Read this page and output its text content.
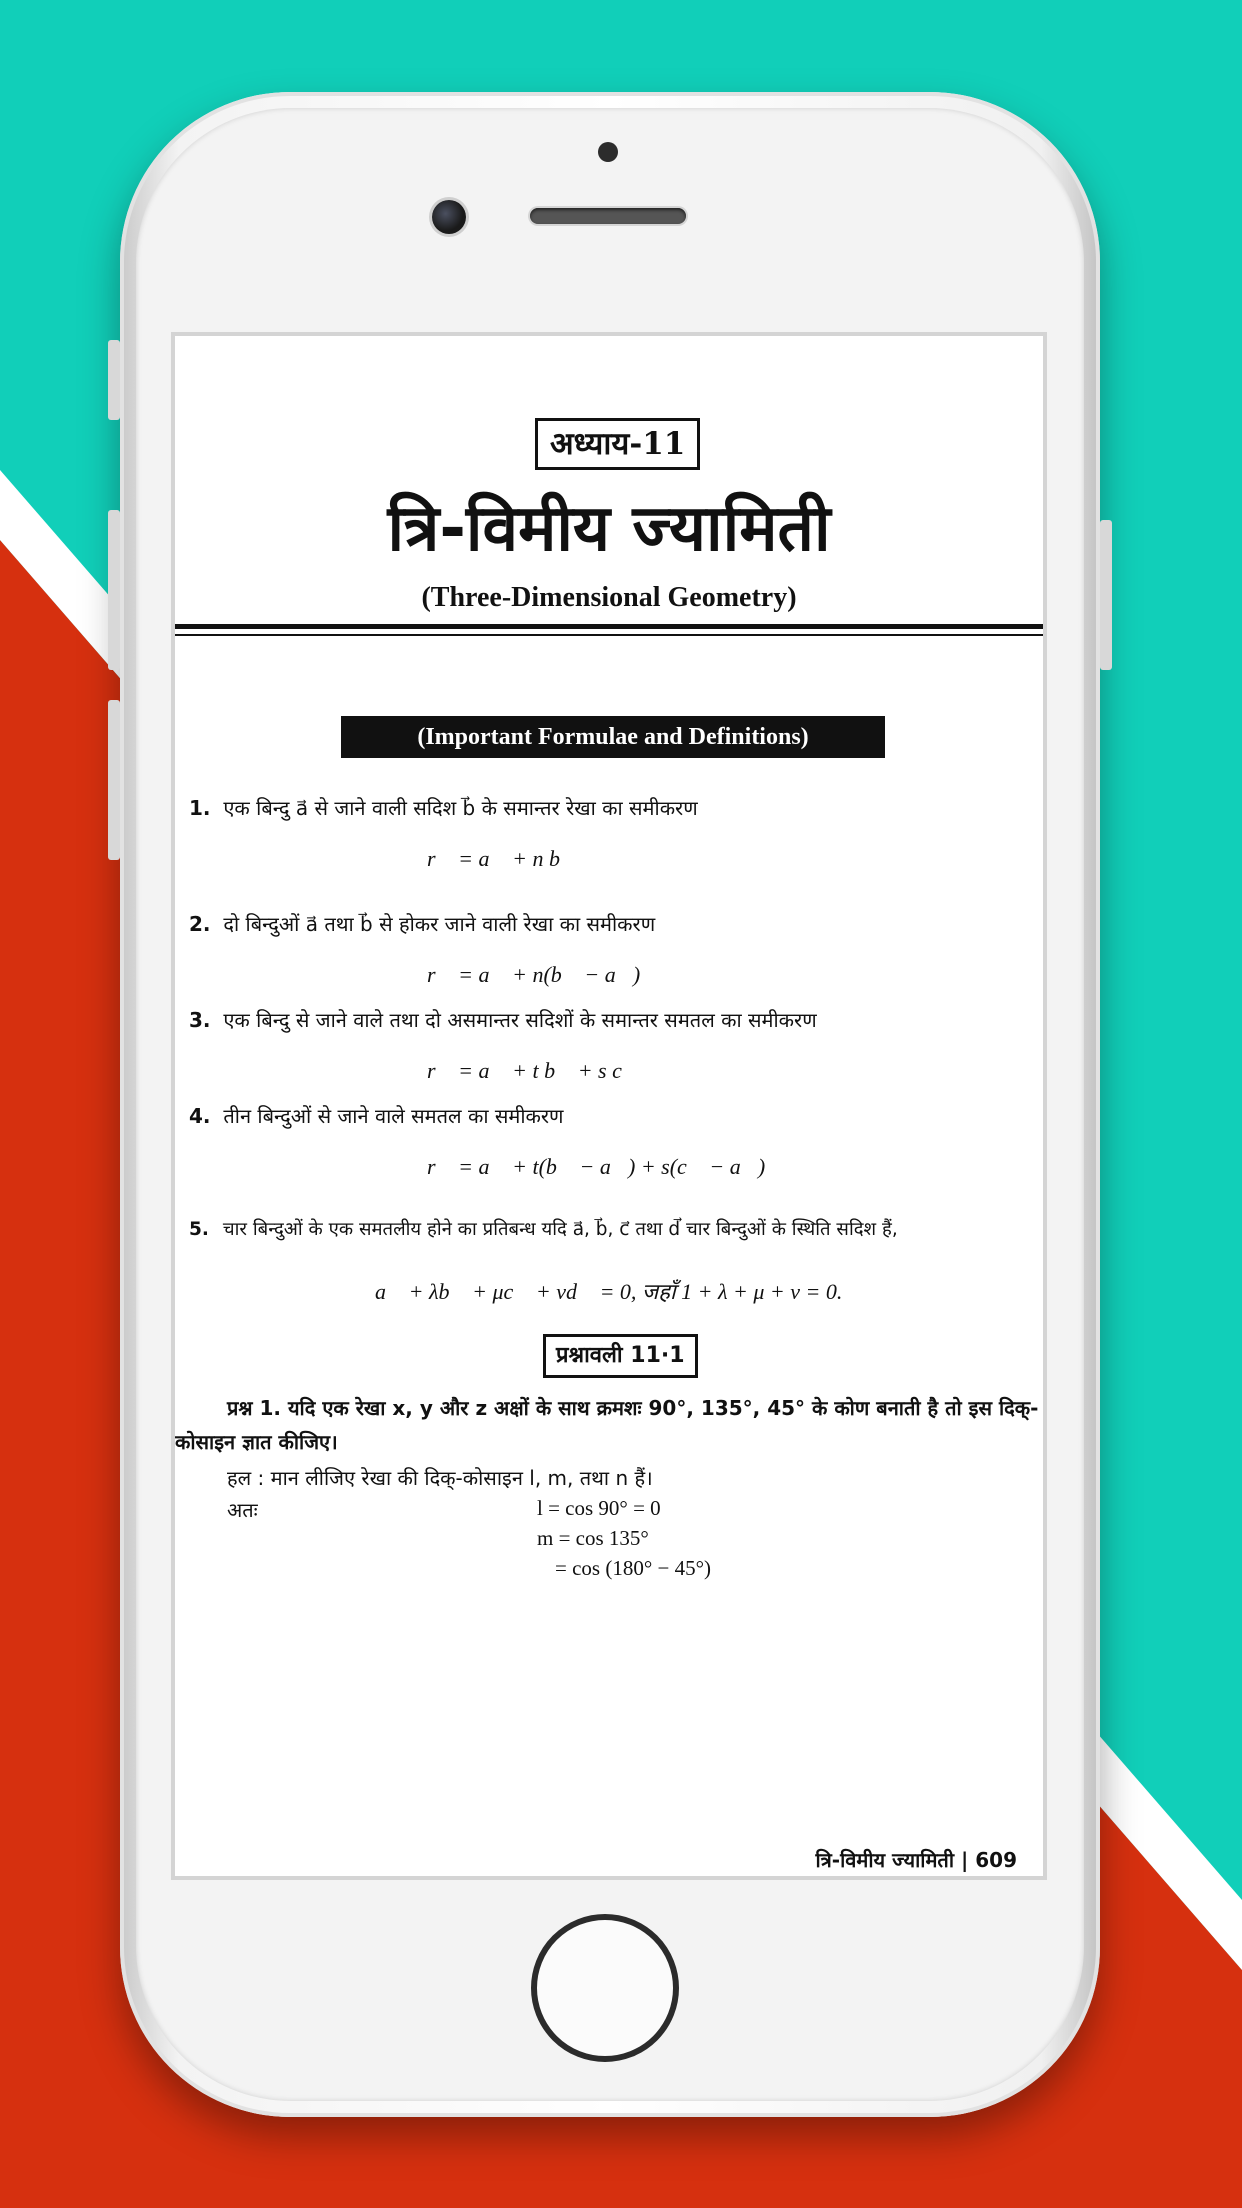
अध्याय-11
त्रि-विमीय ज्यामिती
(Three-Dimensional Geometry)
(Important Formulae and Definitions)
1. एक बिन्दु a⃗ से जाने वाली सदिश b⃗ के समान्तर रेखा का समीकरण
r⃗ = a⃗ + n b⃗
2. दो बिन्दुओं a⃗ तथा b⃗ से होकर जाने वाली रेखा का समीकरण
r⃗ = a⃗ + n(b⃗ − a⃗)
3. एक बिन्दु से जाने वाले तथा दो असमान्तर सदिशों के समान्तर समतल का समीकरण
r⃗ = a⃗ + t b⃗ + s c⃗
4. तीन बिन्दुओं से जाने वाले समतल का समीकरण
r⃗ = a⃗ + t(b⃗ − a⃗) + s(c⃗ − a⃗)
5. चार बिन्दुओं के एक समतलीय होने का प्रतिबन्ध यदि a⃗, b⃗, c⃗ तथा d⃗ चार बिन्दुओं के स्थिति सदिश हैं,
a⃗ + λb⃗ + μc⃗ + νd⃗ = 0, जहाँ 1 + λ + μ + ν = 0.
प्रश्नावली 11·1
प्रश्न 1. यदि एक रेखा x, y और z अक्षों के साथ क्रमशः 90°, 135°, 45° के कोण बनाती है तो इस दिक्-कोसाइन ज्ञात कीजिए।
हल : मान लीजिए रेखा की दिक्-कोसाइन l, m, तथा n हैं।
अतः	l = cos 90° = 0
m = cos 135°
= cos (180° − 45°)
त्रि-विमीय ज्यामिती | 609
